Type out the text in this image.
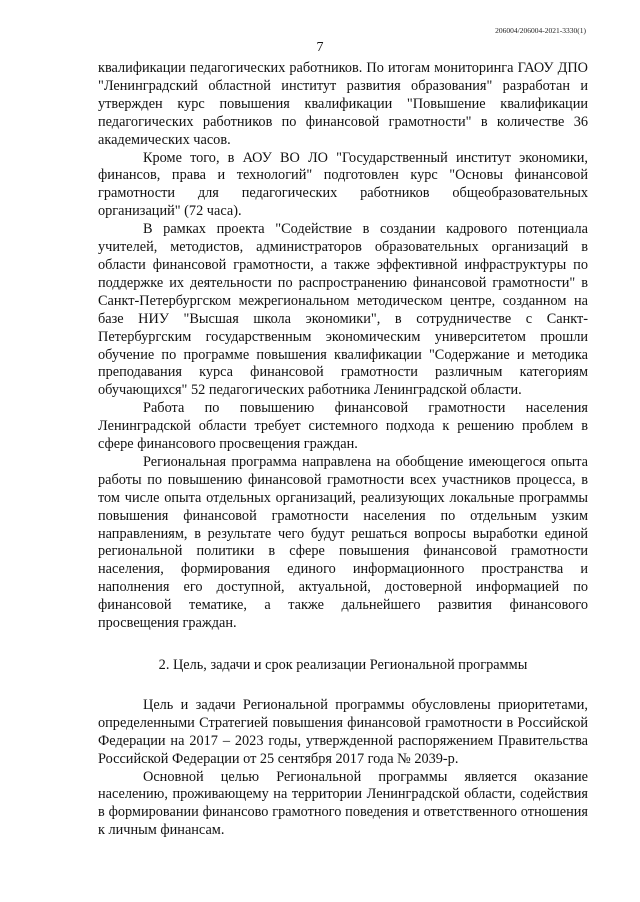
206004/206004-2021-3330(1)
7

квалификации педагогических работников. По итогам мониторинга ГАОУ ДПО "Ленинградский областной институт развития образования" разработан и утвержден курс повышения квалификации "Повышение квалификации педагогических работников по финансовой грамотности" в количестве 36 академических часов.

Кроме того, в АОУ ВО ЛО "Государственный институт экономики, финансов, права и технологий" подготовлен курс "Основы финансовой грамотности для педагогических работников общеобразовательных организаций" (72 часа).

В рамках проекта "Содействие в создании кадрового потенциала учителей, методистов, администраторов образовательных организаций в области финансовой грамотности, а также эффективной инфраструктуры по поддержке их деятельности по распространению финансовой грамотности" в Санкт-Петербургском межрегиональном методическом центре, созданном на базе НИУ "Высшая школа экономики", в сотрудничестве с Санкт-Петербургским государственным экономическим университетом прошли обучение по программе повышения квалификации "Содержание и методика преподавания курса финансовой грамотности различным категориям обучающихся" 52 педагогических работника Ленинградской области.

Работа по повышению финансовой грамотности населения Ленинградской области требует системного подхода к решению проблем в сфере финансового просвещения граждан.

Региональная программа направлена на обобщение имеющегося опыта работы по повышению финансовой грамотности всех участников процесса, в том числе опыта отдельных организаций, реализующих локальные программы повышения финансовой грамотности населения по отдельным узким направлениям, в результате чего будут решаться вопросы выработки единой региональной политики в сфере повышения финансовой грамотности населения, формирования единого информационного пространства и наполнения его доступной, актуальной, достоверной информацией по финансовой тематике, а также дальнейшего развития финансового просвещения граждан.

2. Цель, задачи и срок реализации Региональной программы

Цель и задачи Региональной программы обусловлены приоритетами, определенными Стратегией повышения финансовой грамотности в Российской Федерации на 2017 – 2023 годы, утвержденной распоряжением Правительства Российской Федерации от 25 сентября 2017 года № 2039-р.

Основной целью Региональной программы является оказание населению, проживающему на территории Ленинградской области, содействия в формировании финансово грамотного поведения и ответственного отношения к личным финансам.
